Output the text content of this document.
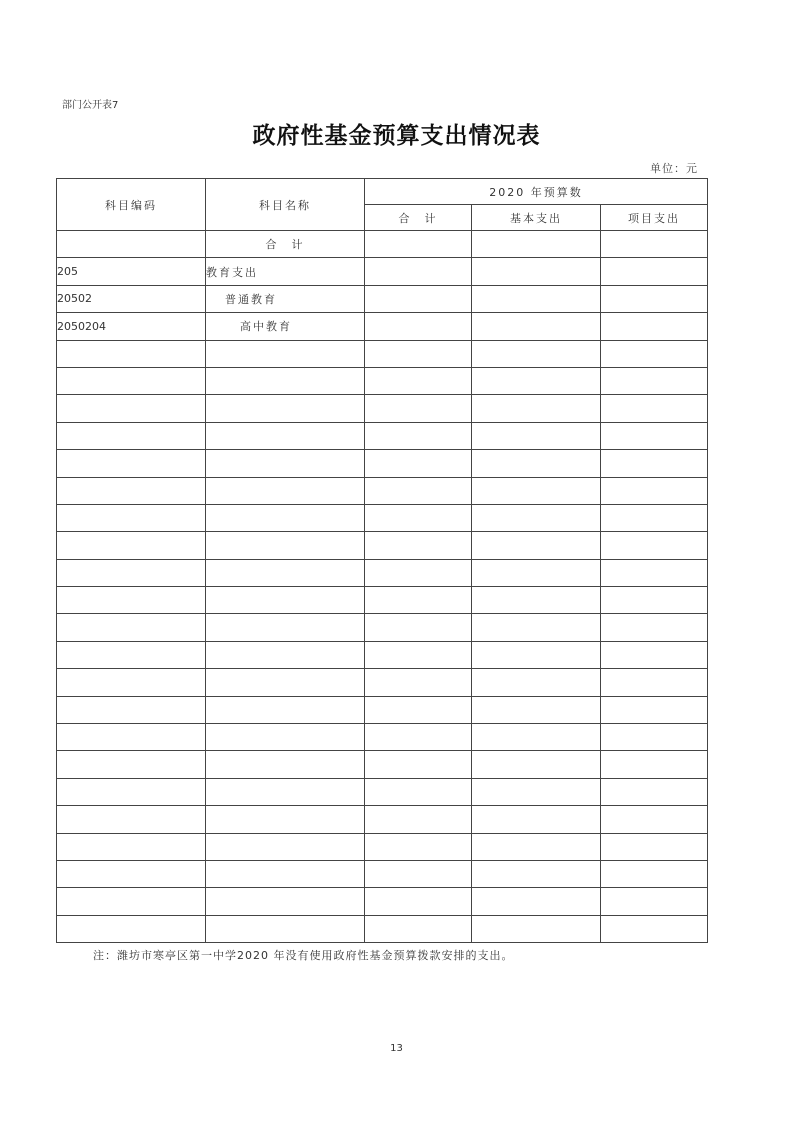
部门公开表7
政府性基金预算支出情况表
单位：元
科目编码	科目名称	2020 年预算数		
		合　计	基本支出	项目支出
	合　计			
205	教育支出			
20502	普通教育			
2050204	高中教育			

注：潍坊市寒亭区第一中学2020 年没有使用政府性基金预算拨款安排的支出。
13
